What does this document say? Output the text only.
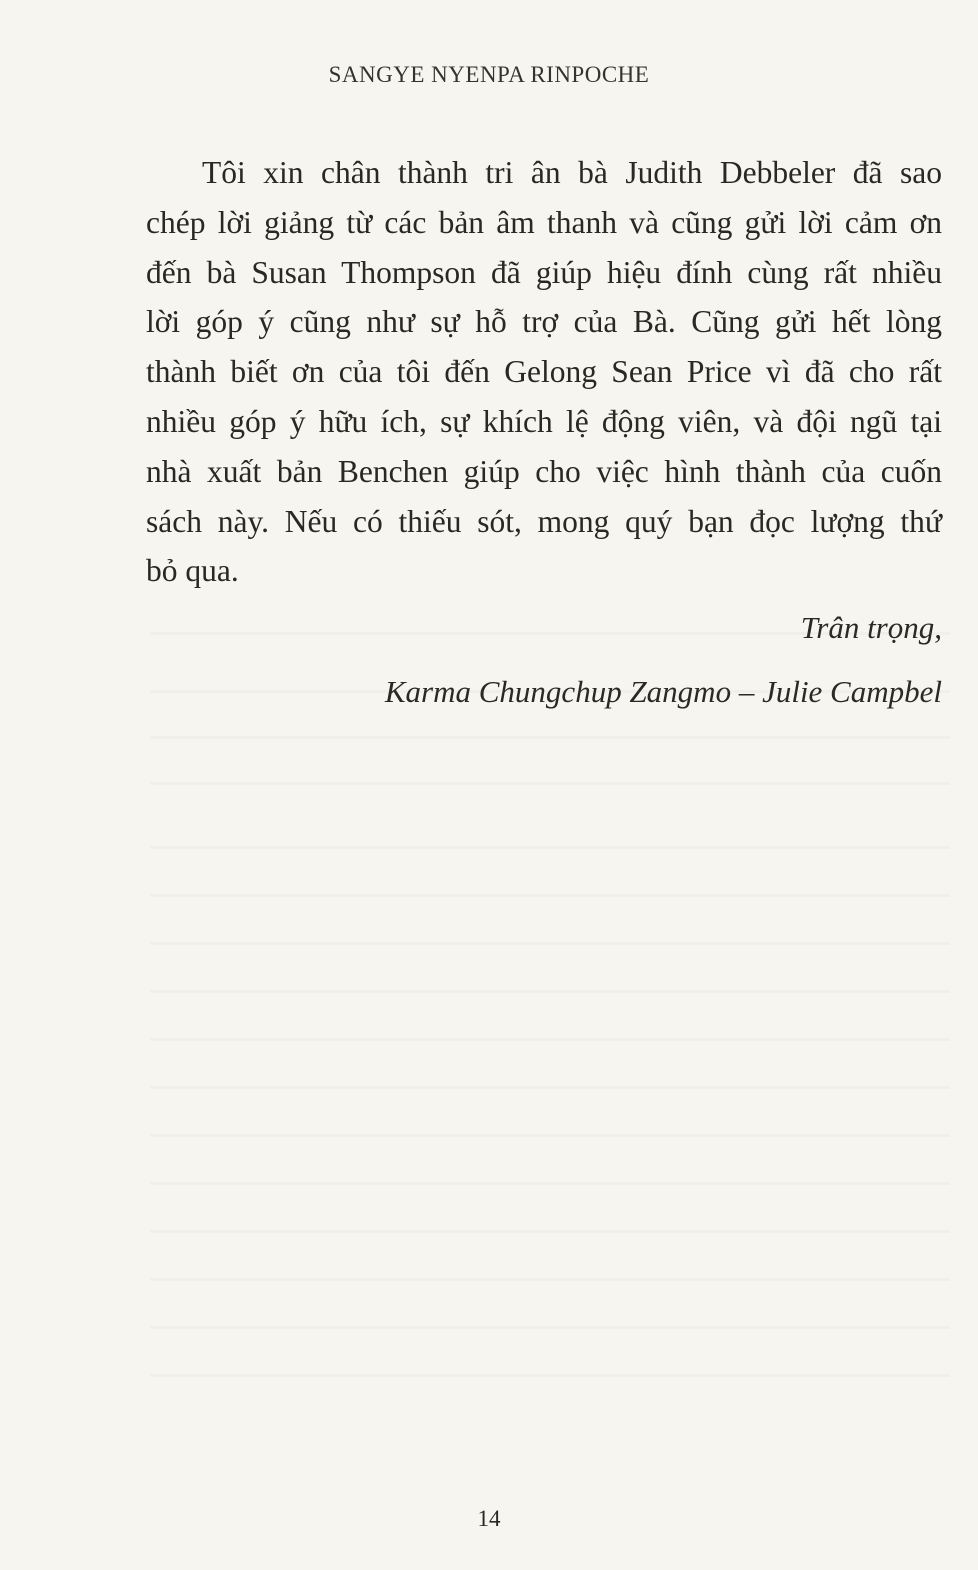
SANGYE NYENPA RINPOCHE
Tôi xin chân thành tri ân bà Judith Debbeler đã sao
chép lời giảng từ các bản âm thanh và cũng gửi lời cảm ơn
đến bà Susan Thompson đã giúp hiệu đính cùng rất nhiều
lời góp ý cũng như sự hỗ trợ của Bà. Cũng gửi hết lòng
thành biết ơn của tôi đến Gelong Sean Price vì đã cho rất
nhiều góp ý hữu ích, sự khích lệ động viên, và đội ngũ tại
nhà xuất bản Benchen giúp cho việc hình thành của cuốn
sách này. Nếu có thiếu sót, mong quý bạn đọc lượng thứ
bỏ qua.
Trân trọng,
Karma Chungchup Zangmo – Julie Campbel
14
